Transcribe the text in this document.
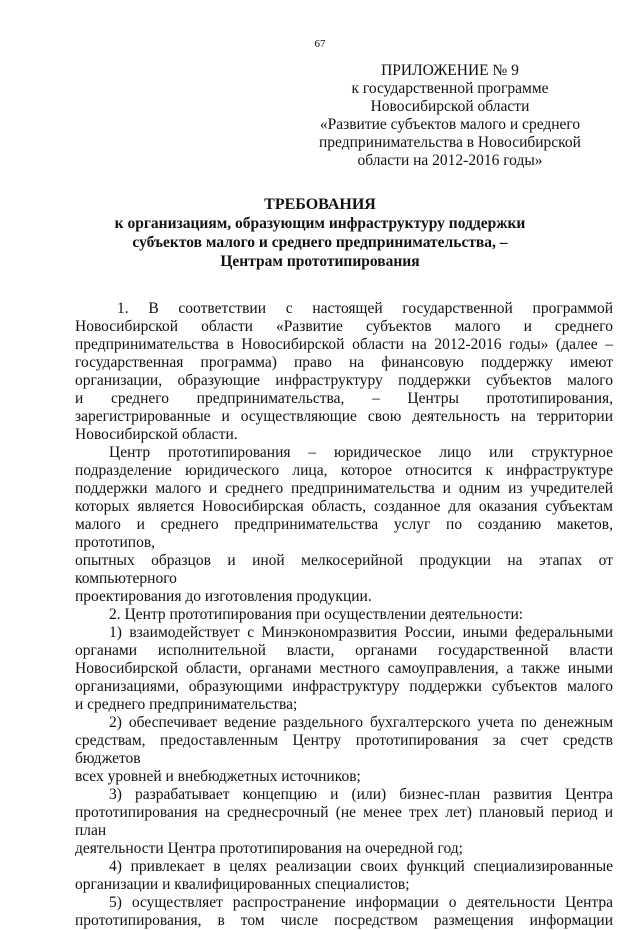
67
ПРИЛОЖЕНИЕ № 9
к государственной программе
Новосибирской области
«Развитие субъектов малого и среднего
предпринимательства в Новосибирской
области на 2012-2016 годы»
ТРЕБОВАНИЯ
к организациям, образующим инфраструктуру поддержки
субъектов малого и среднего предпринимательства, –
Центрам прототипирования

1. В соответствии с настоящей государственной программой

Новосибирской области «Развитие субъектов малого и среднего

предпринимательства в Новосибирской области на 2012-2016 годы» (далее –

государственная программа) право на финансовую поддержку имеют

организации, образующие инфраструктуру поддержки субъектов малого

и среднего предпринимательства, – Центры прототипирования,

зарегистрированные и осуществляющие свою деятельность на территории

Новосибирской области.

Центр прототипирования – юридическое лицо или структурное

подразделение юридического лица, которое относится к инфраструктуре

поддержки малого и среднего предпринимательства и одним из учредителей

которых является Новосибирская область, созданное для оказания субъектам

малого и среднего предпринимательства услуг по созданию макетов, прототипов,

опытных образцов и иной мелкосерийной продукции на этапах от компьютерного

проектирования до изготовления продукции.

2. Центр прототипирования при осуществлении деятельности:

1) взаимодействует с Минэкономразвития России, иными федеральными

органами исполнительной власти, органами государственной власти

Новосибирской области, органами местного самоуправления, а также иными

организациями, образующими инфраструктуру поддержки субъектов малого

и среднего предпринимательства;

2) обеспечивает ведение раздельного бухгалтерского учета по денежным

средствам, предоставленным Центру прототипирования за счет средств бюджетов

всех уровней и внебюджетных источников;

3) разрабатывает концепцию и (или) бизнес-план развития Центра

прототипирования на среднесрочный (не менее трех лет) плановый период и план

деятельности Центра прототипирования на очередной год;

4) привлекает в целях реализации своих функций специализированные

организации и квалифицированных специалистов;

5) осуществляет распространение информации о деятельности Центра

прототипирования, в том числе посредством размещения информации
